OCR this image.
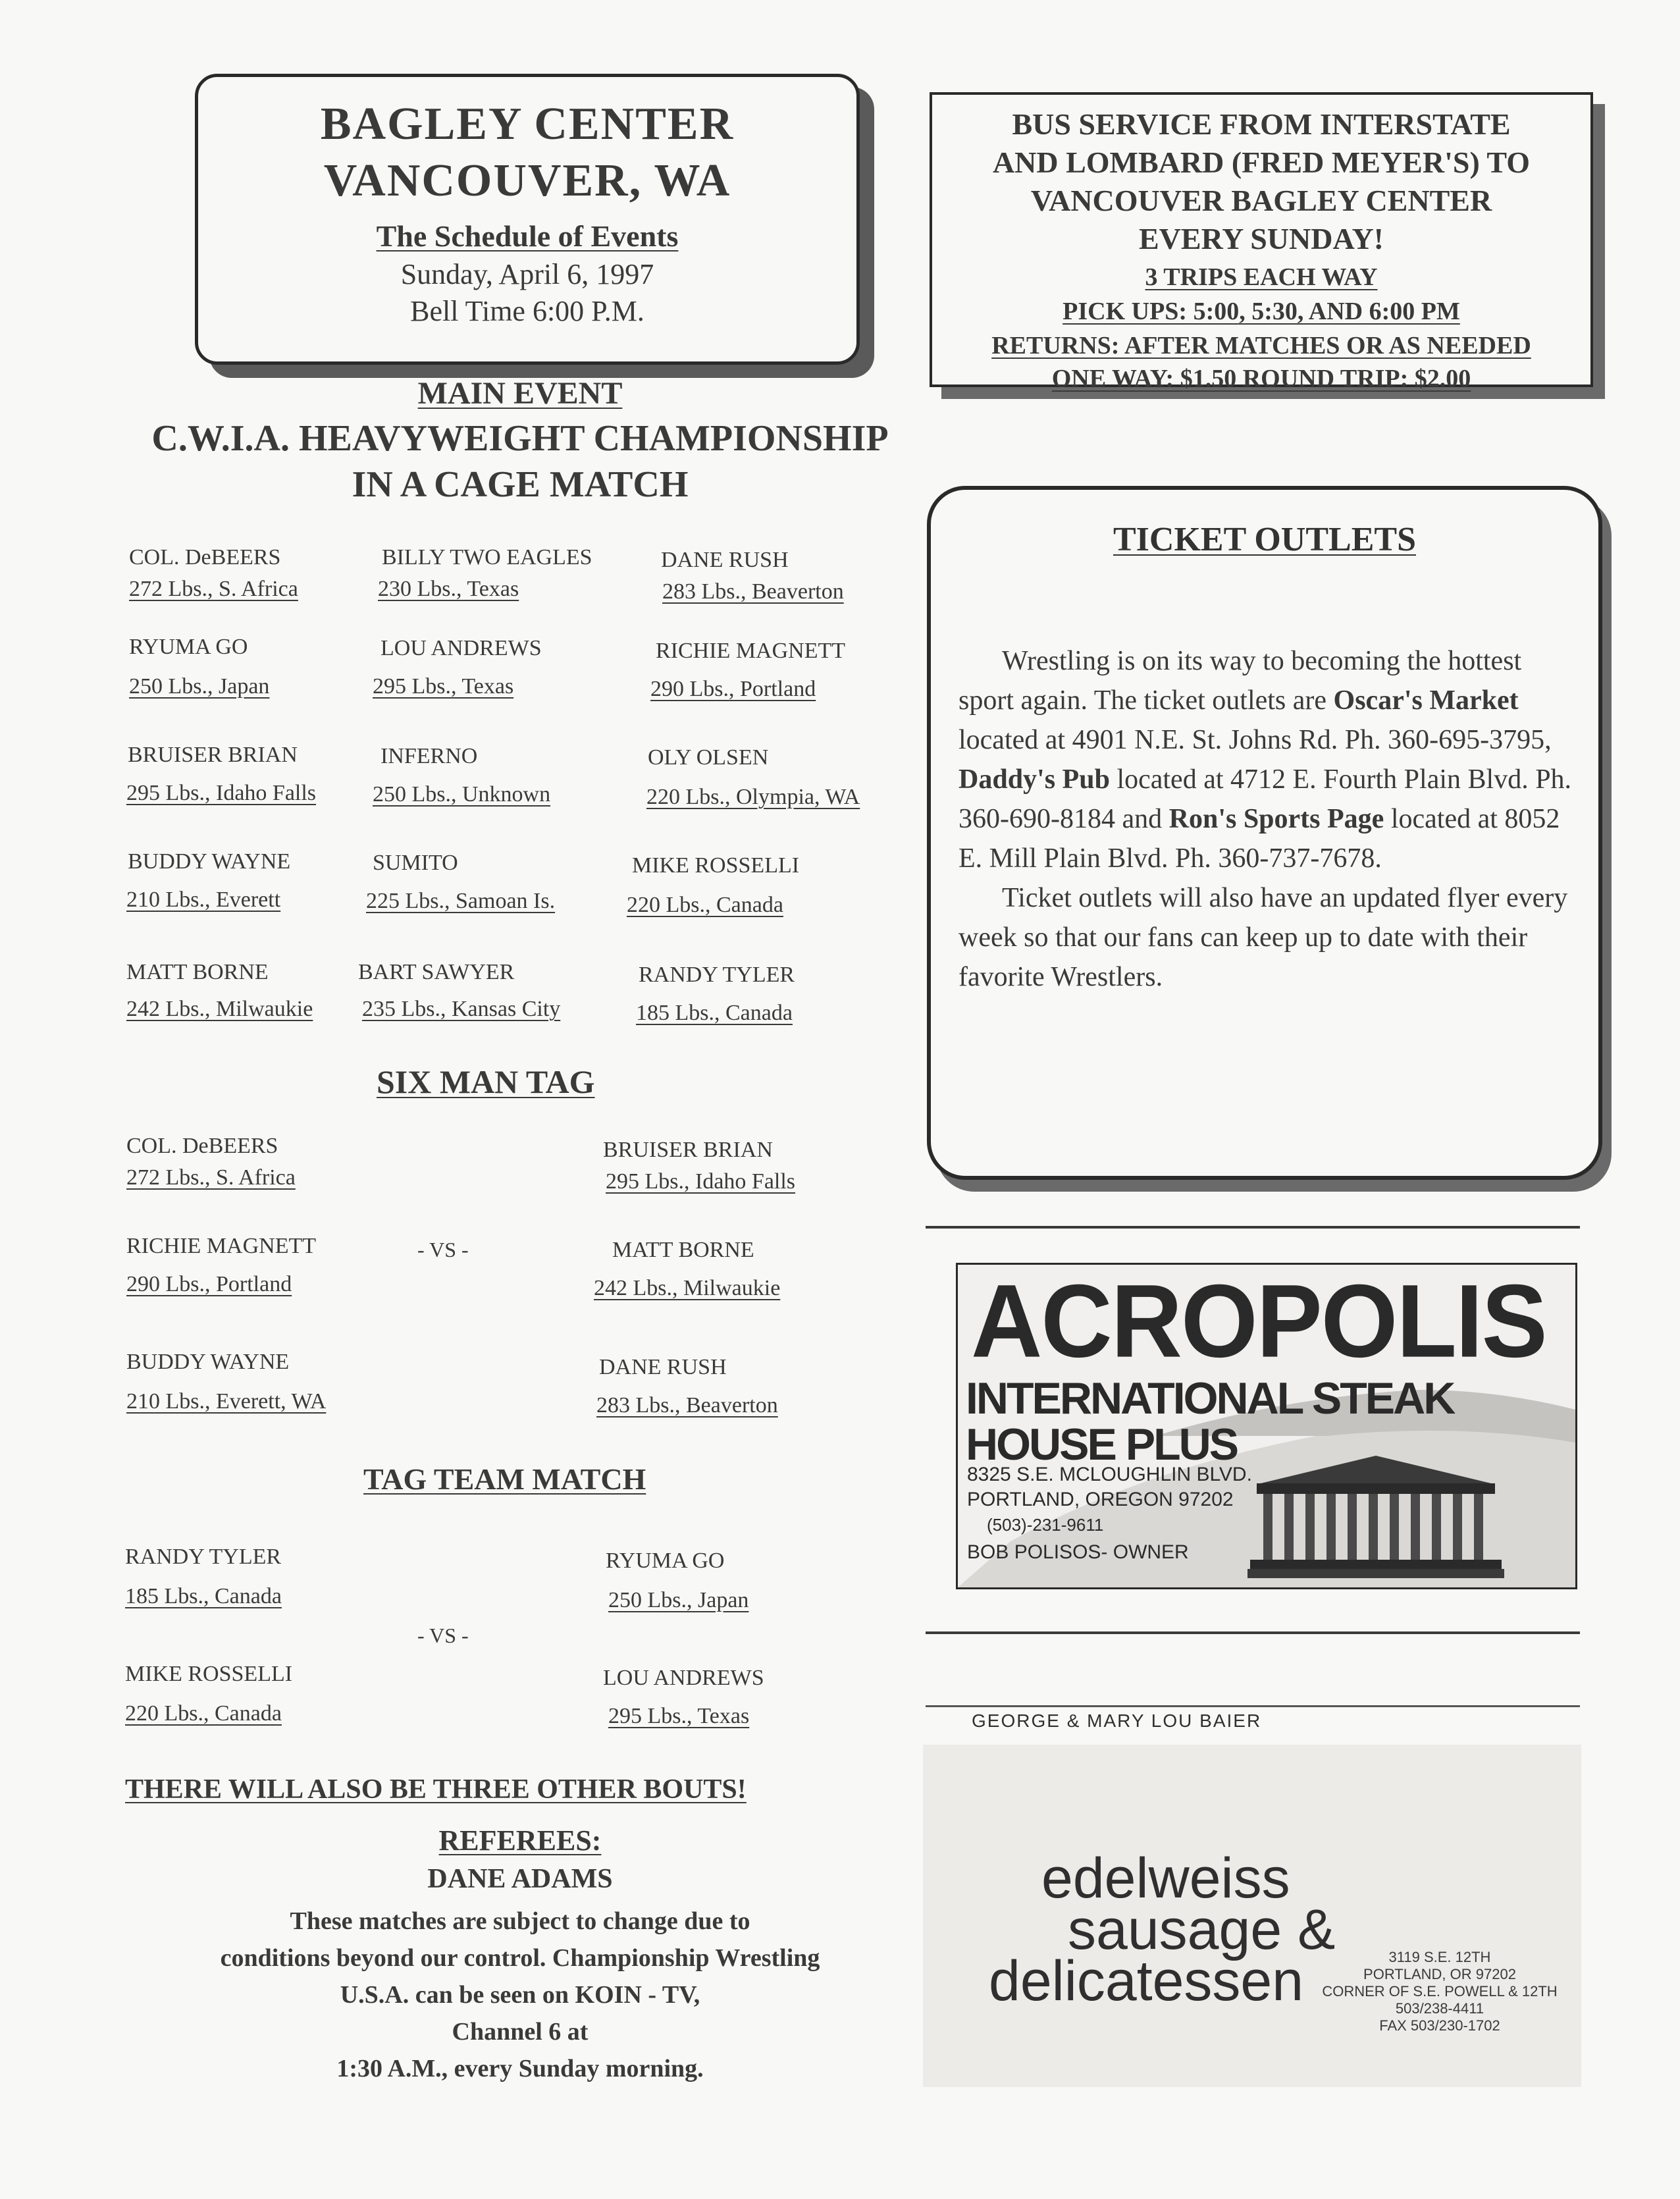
BAGLEY CENTER
VANCOUVER, WA
The Schedule of Events
Sunday, April 6, 1997
Bell Time 6:00 P.M.
BUS SERVICE FROM INTERSTATE
AND LOMBARD (FRED MEYER'S) TO
VANCOUVER BAGLEY CENTER
EVERY SUNDAY!
3 TRIPS EACH WAY
PICK UPS: 5:00, 5:30, AND 6:00 PM
RETURNS: AFTER MATCHES OR AS NEEDED
ONE WAY: $1.50 ROUND TRIP: $2.00
MAIN EVENT
C.W.I.A. HEAVYWEIGHT CHAMPIONSHIP
IN A CAGE MATCH
COL. DeBEERS
272 Lbs., S. Africa
BILLY TWO EAGLES
230 Lbs., Texas
DANE RUSH
283 Lbs., Beaverton
RYUMA GO
250 Lbs., Japan
LOU ANDREWS
295 Lbs., Texas
RICHIE MAGNETT
290 Lbs., Portland
BRUISER BRIAN
295 Lbs., Idaho Falls
INFERNO
250 Lbs., Unknown
OLY OLSEN
220 Lbs., Olympia, WA
BUDDY WAYNE
210 Lbs., Everett
SUMITO
225 Lbs., Samoan Is.
MIKE ROSSELLI
220 Lbs., Canada
MATT BORNE
242 Lbs., Milwaukie
BART SAWYER
235 Lbs., Kansas City
RANDY TYLER
185 Lbs., Canada
SIX MAN TAG
COL. DeBEERS
272 Lbs., S. Africa
RICHIE MAGNETT
290 Lbs., Portland
BUDDY WAYNE
210 Lbs., Everett, WA
- VS -
BRUISER BRIAN
295 Lbs., Idaho Falls
MATT BORNE
242 Lbs., Milwaukie
DANE RUSH
283 Lbs., Beaverton
TAG TEAM MATCH
RANDY TYLER
185 Lbs., Canada
MIKE ROSSELLI
220 Lbs., Canada
- VS -
RYUMA GO
250 Lbs., Japan
LOU ANDREWS
295 Lbs., Texas
THERE WILL ALSO BE THREE OTHER BOUTS!
REFEREES:
DANE ADAMS
These matches are subject to change due to
conditions beyond our control. Championship Wrestling
U.S.A. can be seen on KOIN - TV,
Channel 6 at
1:30 A.M., every Sunday morning.
TICKET OUTLETS

Wrestling is on its way to becoming the hottest sport again. The ticket outlets are Oscar's Market located at 4901 N.E. St. Johns Rd. Ph. 360-695-3795, Daddy's Pub located at 4712 E. Fourth Plain Blvd. Ph. 360-690-8184 and Ron's Sports Page located at 8052 E. Mill Plain Blvd. Ph. 360-737-7678.

Ticket outlets will also have an updated flyer every week so that our fans can keep up to date with their favorite Wrestlers.

ACROPOLIS
INTERNATIONAL STEAK HOUSE PLUS
8325 S.E. MCLOUGHLIN BLVD.
PORTLAND, OREGON 97202
(503)-231-9611
BOB POLISOS- OWNER
GEORGE & MARY LOU BAIER
edelweiss
sausage &
delicatessen	3119 S.E. 12TH
PORTLAND, OR 97202
CORNER OF S.E. POWELL & 12TH
503/238-4411
FAX 503/230-1702
